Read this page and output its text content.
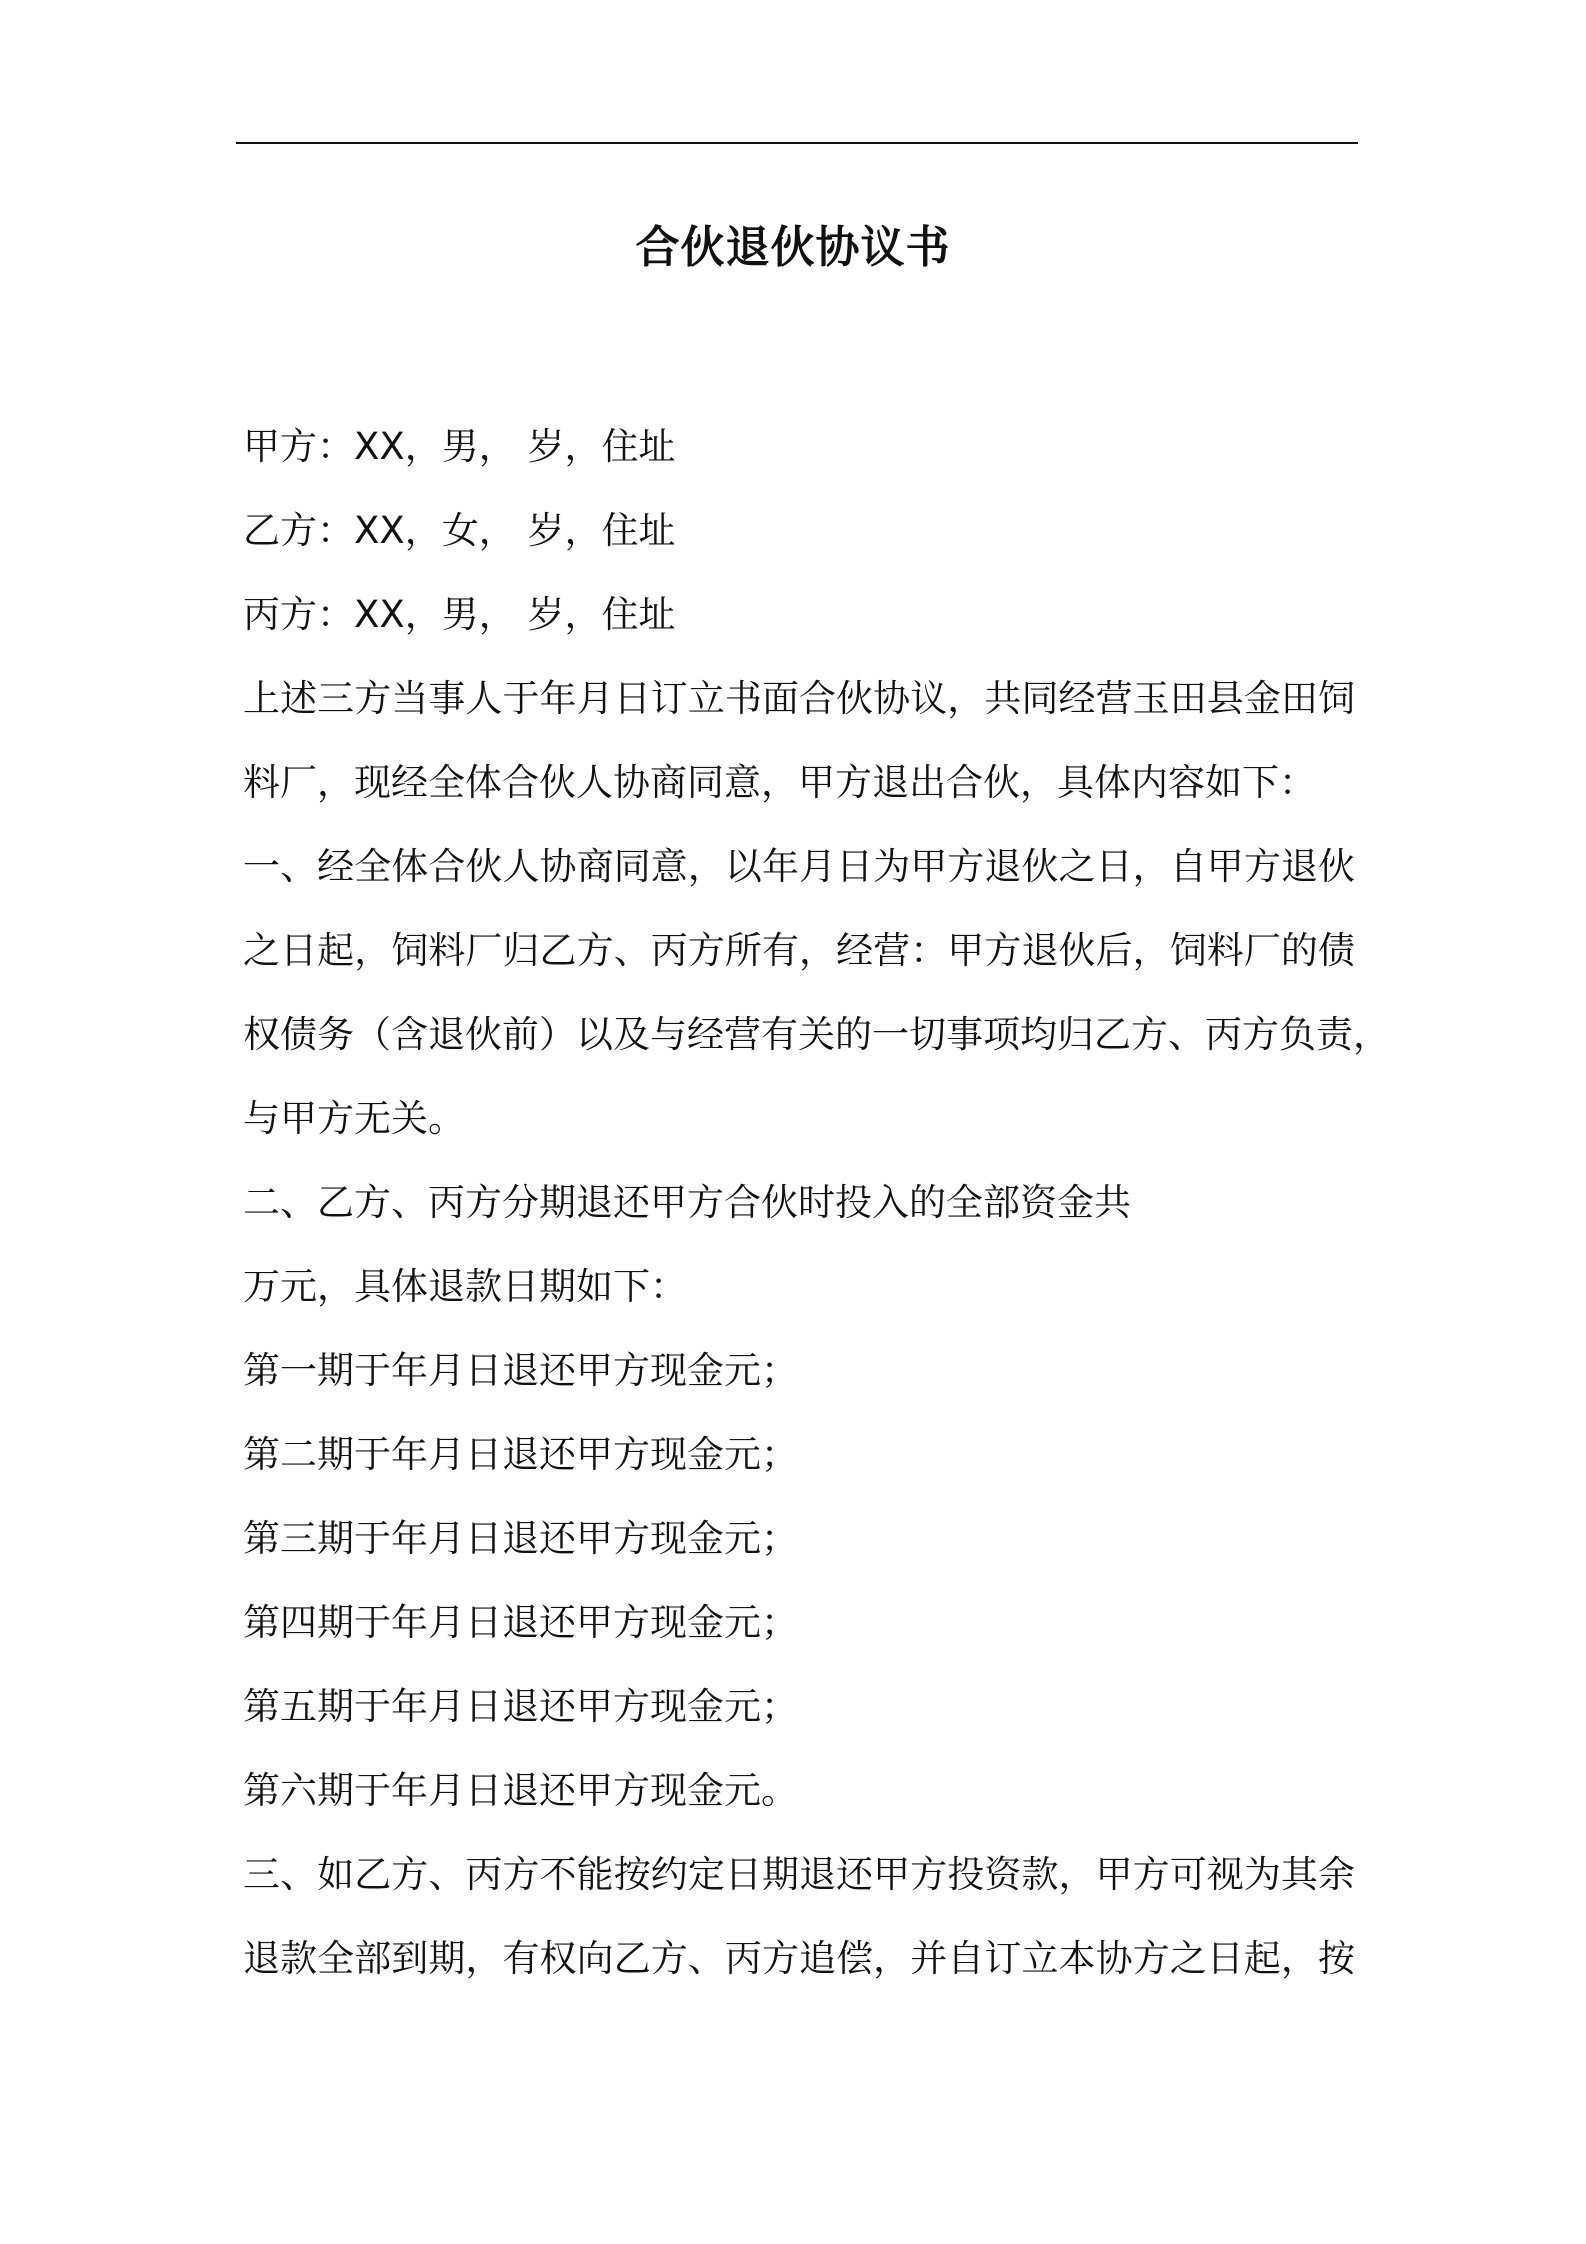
合伙退伙协议书
甲方：XX，男， 岁，住址
乙方：XX，女， 岁，住址
丙方：XX，男， 岁，住址
上述三方当事人于年月日订立书面合伙协议，共同经营玉田县金田饲
料厂，现经全体合伙人协商同意，甲方退出合伙，具体内容如下：
一、经全体合伙人协商同意，以年月日为甲方退伙之日，自甲方退伙
之日起，饲料厂归乙方、丙方所有，经营：甲方退伙后，饲料厂的债
权债务（含退伙前）以及与经营有关的一切事项均归乙方、丙方负责，
与甲方无关。
二、乙方、丙方分期退还甲方合伙时投入的全部资金共
万元，具体退款日期如下：
第一期于年月日退还甲方现金元；
第二期于年月日退还甲方现金元；
第三期于年月日退还甲方现金元；
第四期于年月日退还甲方现金元；
第五期于年月日退还甲方现金元；
第六期于年月日退还甲方现金元。
三、如乙方、丙方不能按约定日期退还甲方投资款，甲方可视为其余
退款全部到期，有权向乙方、丙方追偿，并自订立本协方之日起，按
